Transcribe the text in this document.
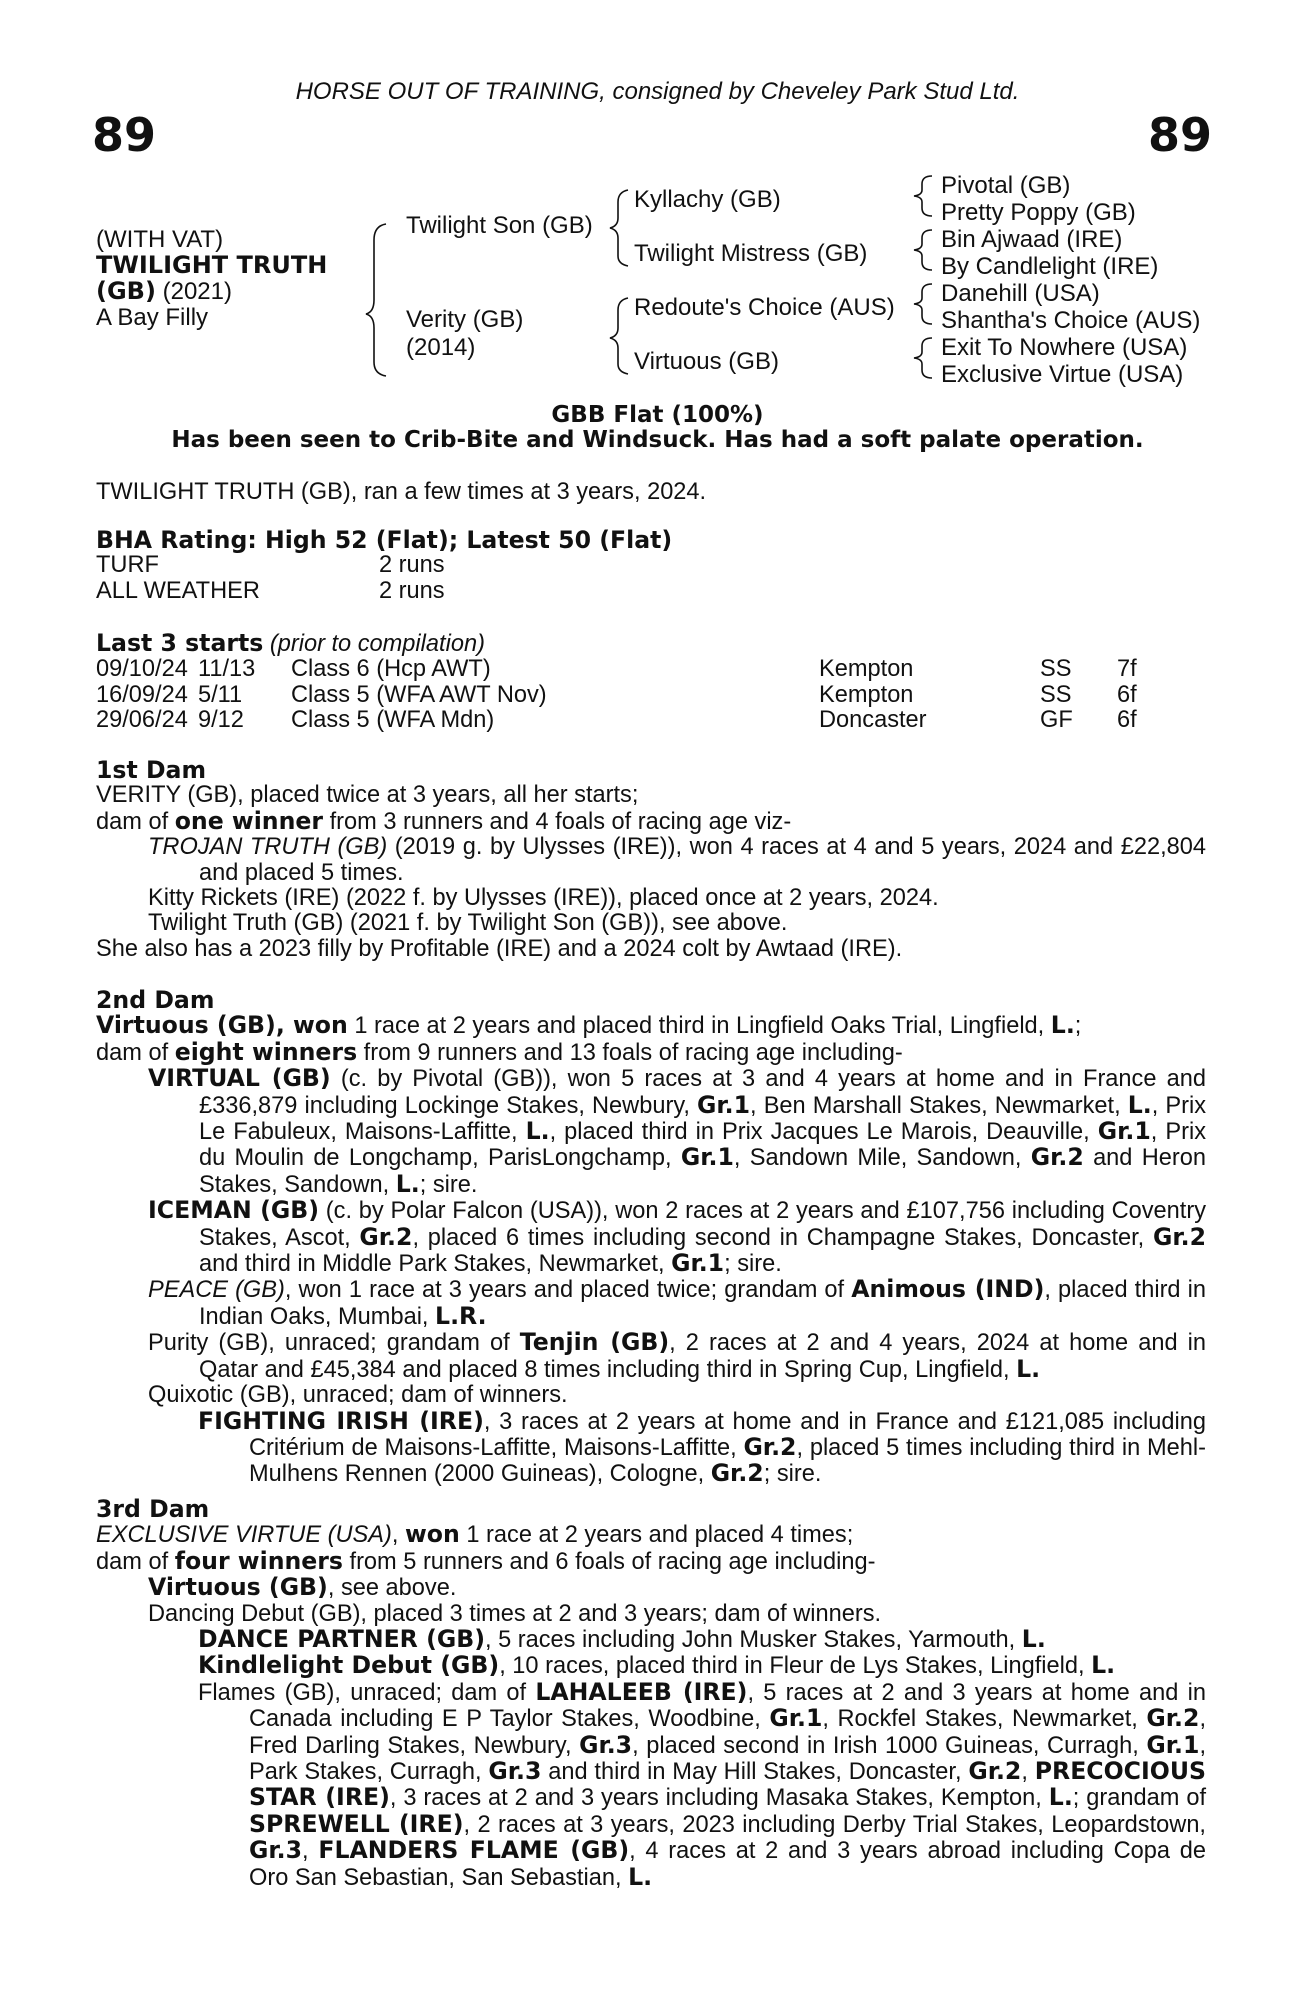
HORSE OUT OF TRAINING, consigned by Cheveley Park Stud Ltd.
89	89
(WITH VAT)
TWILIGHT TRUTH
(GB) (2021)
A Bay Filly
Twilight Son (GB)
Verity (GB)
(2014)
Kyllachy (GB)
Twilight Mistress (GB)
Redoute's Choice (AUS)
Virtuous (GB)
Pivotal (GB)
Pretty Poppy (GB)
Bin Ajwaad (IRE)
By Candlelight (IRE)
Danehill (USA)
Shantha's Choice (AUS)
Exit To Nowhere (USA)
Exclusive Virtue (USA)
GBB Flat (100%)
Has been seen to Crib-Bite and Windsuck. Has had a soft palate operation.
TWILIGHT TRUTH (GB), ran a few times at 3 years, 2024.

BHA Rating: High 52 (Flat); Latest 50 (Flat)

TURF	2 runs
ALL WEATHER	2 runs

Last 3 starts (prior to compilation)

09/10/24	11/13	Class 6 (Hcp AWT)	Kempton	SS	7f
16/09/24	5/11	Class 5 (WFA AWT Nov)	Kempton	SS	6f
29/06/24	9/12	Class 5 (WFA Mdn)	Doncaster	GF	6f

1st Dam

VERITY (GB), placed twice at 3 years, all her starts;

dam of one winner from 3 runners and 4 foals of racing age viz-

TROJAN TRUTH (GB) (2019 g. by Ulysses (IRE)), won 4 races at 4 and 5 years, 2024 and £22,804 and placed 5 times.

Kitty Rickets (IRE) (2022 f. by Ulysses (IRE)), placed once at 2 years, 2024.

Twilight Truth (GB) (2021 f. by Twilight Son (GB)), see above.

She also has a 2023 filly by Profitable (IRE) and a 2024 colt by Awtaad (IRE).

2nd Dam

Virtuous (GB), won 1 race at 2 years and placed third in Lingfield Oaks Trial, Lingfield, L.;

dam of eight winners from 9 runners and 13 foals of racing age including-

VIRTUAL (GB) (c. by Pivotal (GB)), won 5 races at 3 and 4 years at home and in France and £336,879 including Lockinge Stakes, Newbury, Gr.1, Ben Marshall Stakes, Newmarket, L., Prix Le Fabuleux, Maisons-Laffitte, L., placed third in Prix Jacques Le Marois, Deauville, Gr.1, Prix du Moulin de Longchamp, ParisLongchamp, Gr.1, Sandown Mile, Sandown, Gr.2 and Heron Stakes, Sandown, L.; sire.

ICEMAN (GB) (c. by Polar Falcon (USA)), won 2 races at 2 years and £107,756 including Coventry Stakes, Ascot, Gr.2, placed 6 times including second in Champagne Stakes, Doncaster, Gr.2 and third in Middle Park Stakes, Newmarket, Gr.1; sire.

PEACE (GB), won 1 race at 3 years and placed twice; grandam of Animous (IND), placed third in Indian Oaks, Mumbai, L.R.

Purity (GB), unraced; grandam of Tenjin (GB), 2 races at 2 and 4 years, 2024 at home and in Qatar and £45,384 and placed 8 times including third in Spring Cup, Lingfield, L.

Quixotic (GB), unraced; dam of winners.

FIGHTING IRISH (IRE), 3 races at 2 years at home and in France and £121,085 including Critérium de Maisons-Laffitte, Maisons-Laffitte, Gr.2, placed 5 times including third in Mehl-Mulhens Rennen (2000 Guineas), Cologne, Gr.2; sire.

3rd Dam

EXCLUSIVE VIRTUE (USA), won 1 race at 2 years and placed 4 times;

dam of four winners from 5 runners and 6 foals of racing age including-

Virtuous (GB), see above.

Dancing Debut (GB), placed 3 times at 2 and 3 years; dam of winners.

DANCE PARTNER (GB), 5 races including John Musker Stakes, Yarmouth, L.

Kindlelight Debut (GB), 10 races, placed third in Fleur de Lys Stakes, Lingfield, L.

Flames (GB), unraced; dam of LAHALEEB (IRE), 5 races at 2 and 3 years at home and in Canada including E P Taylor Stakes, Woodbine, Gr.1, Rockfel Stakes, Newmarket, Gr.2, Fred Darling Stakes, Newbury, Gr.3, placed second in Irish 1000 Guineas, Curragh, Gr.1, Park Stakes, Curragh, Gr.3 and third in May Hill Stakes, Doncaster, Gr.2, PRECOCIOUS STAR (IRE), 3 races at 2 and 3 years including Masaka Stakes, Kempton, L.; grandam of SPREWELL (IRE), 2 races at 3 years, 2023 including Derby Trial Stakes, Leopardstown, Gr.3, FLANDERS FLAME (GB), 4 races at 2 and 3 years abroad including Copa de Oro San Sebastian, San Sebastian, L.
